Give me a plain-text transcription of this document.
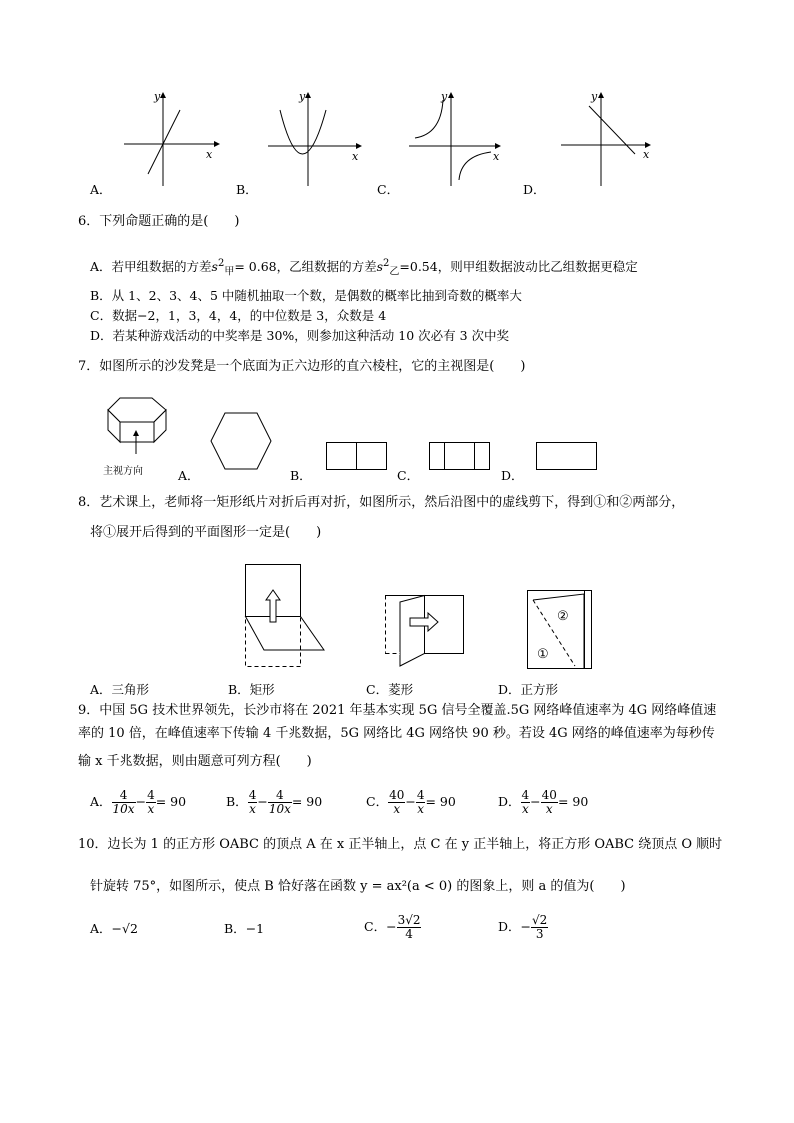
x
y
x
y
x
y
x
y
A．	B．	C．	D．
6．下列命题正确的是(　　)
A．若甲组数据的方差$s^2_甲= 0.68$，乙组数据的方差$s^2_乙=0.54$，则甲组数据波动比乙组数据更稳定
B．从 1、2、3、4、5 中随机抽取一个数，是偶数的概率比抽到奇数的概率大
C．数据−2，1，3，4，4，的中位数是 3，众数是 4
D．若某种游戏活动的中奖率是 30%，则参加这种活动 10 次必有 3 次中奖
7．如图所示的沙发凳是一个底面为正六边形的直六棱柱，它的主视图是(　　)
主视方向	A．	B．	C．	D．
8．艺术课上，老师将一矩形纸片对折后再对折，如图所示，然后沿图中的虚线剪下，得到①和②两部分，
将①展开后得到的平面图形一定是(　　)
②
①
A．三角形	B．矩形	C．菱形	D．正方形
9．中国 5G 技术世界领先，长沙市将在 2021 年基本实现 5G 信号全覆盖.5G 网络峰值速率为 4G 网络峰值速
率的 10 倍，在峰值速率下传输 4 千兆数据，5G 网络比 4G 网络快 90 秒。若设 4G 网络的峰值速率为每秒传
输 x 千兆数据，则由题意可列方程(　　)
A． $\frac{4}{10x} - \frac{4}{x} = 90$	B． $\frac{4}{x} - \frac{4}{10x} = 90$	C． $\frac{40}{x} - \frac{4}{x} = 90$	D． $\frac{4}{x} - \frac{40}{x} = 90$
10．边长为 1 的正方形 OABC 的顶点 A 在 x 正半轴上，点 C 在 y 正半轴上，将正方形 OABC 绕顶点 O 顺时
针旋转 75°，如图所示，使点 B 恰好落在函数 y = ax²(a < 0) 的图象上，则 a 的值为(　　)
A．−√2	B．−1	C．− $\frac{3√2}{4}$	D．− $\frac{√2}{3}$
